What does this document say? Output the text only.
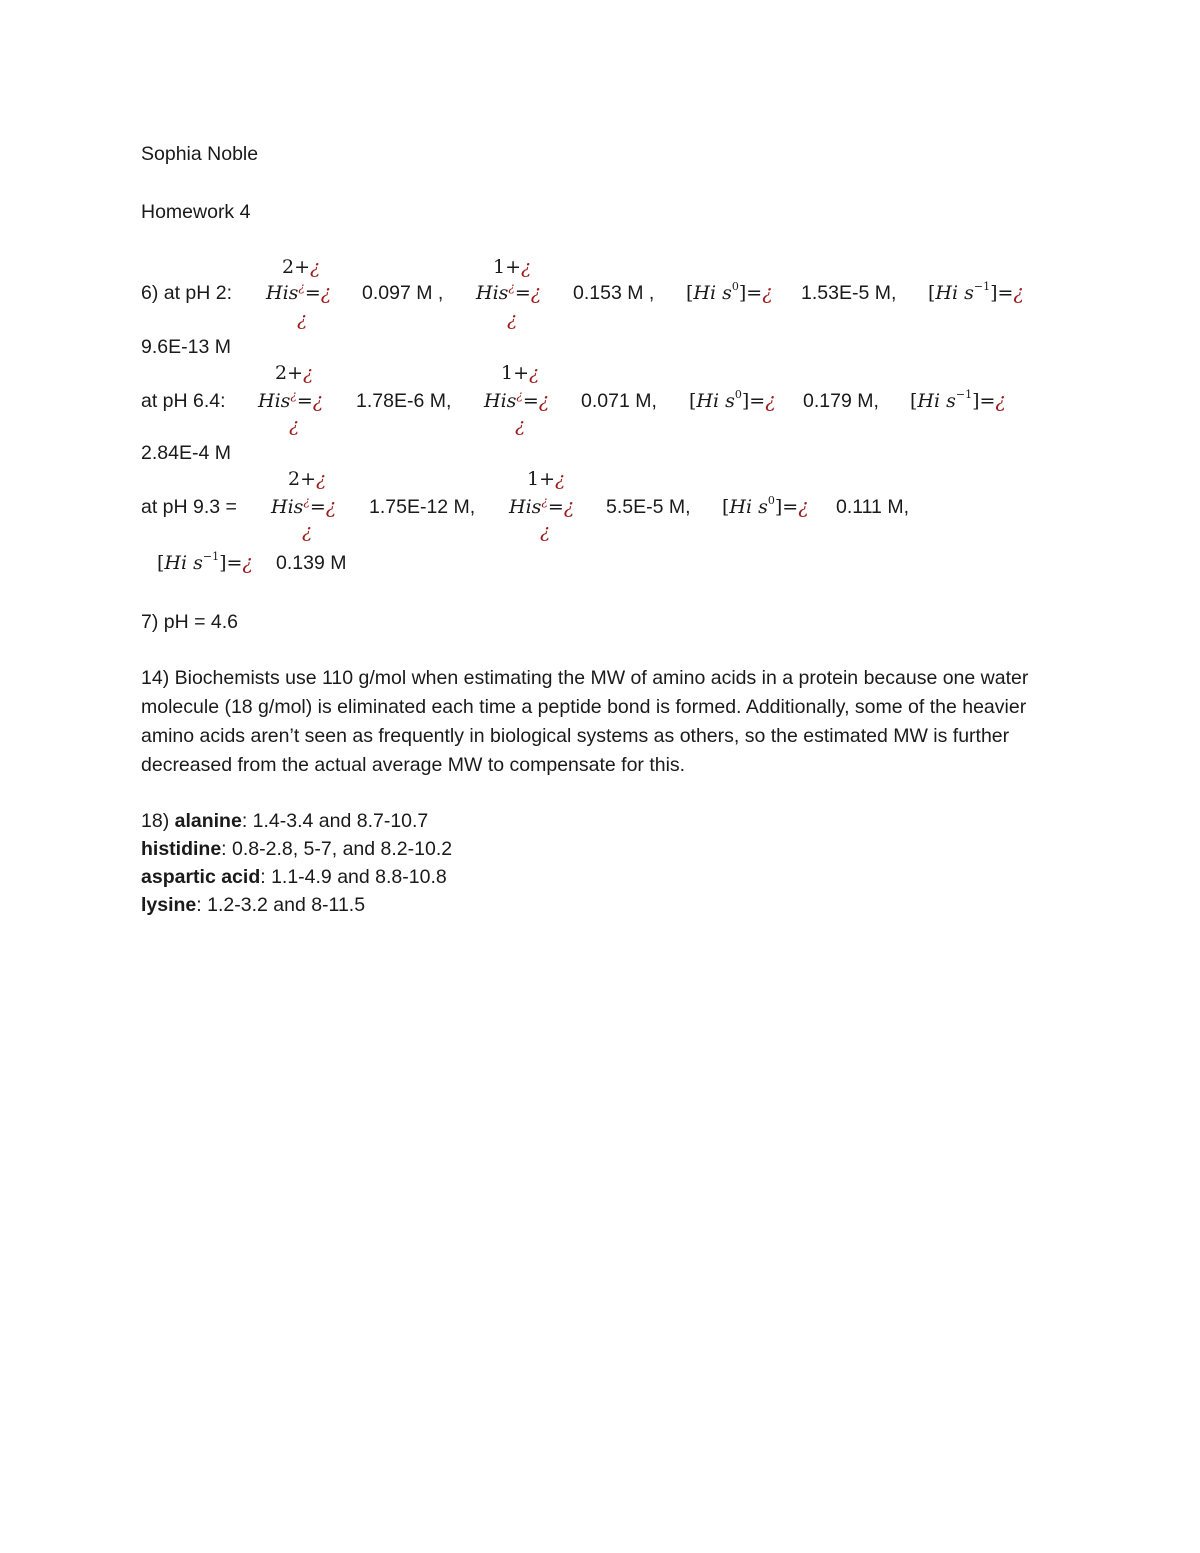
Sophia Noble
Homework 4
6) at pH 2:
2+¿
His¿=¿
¿
0.097 M ,
1+¿
His¿=¿
¿
0.153 M , [Hi $s^0]=¿$ 1.53E-5 M, [Hi $s^{-1}]=¿$
9.6E-13 M
at pH 6.4:
2+¿
His¿=¿
¿
1.78E-6 M,
1+¿
His¿=¿
¿
0.071 M, [Hi $s^0]=¿$ 0.179 M, [Hi $s^{-1}]=¿$
2.84E-4 M
at pH 9.3 =
2+¿
His¿=¿
¿
1.75E-12 M,
1+¿
His¿=¿
¿
5.5E-5 M, [Hi $s^0]=¿$ 0.111 M,
[Hi $s^{-1}]=¿$ 0.139 M
7) pH = 4.6
14) Biochemists use 110 g/mol when estimating the MW of amino acids in a protein because one water molecule (18 g/mol) is eliminated each time a peptide bond is formed. Additionally, some of the heavier amino acids aren’t seen as frequently in biological systems as others, so the estimated MW is further decreased from the actual average MW to compensate for this.
18) alanine: 1.4-3.4 and 8.7-10.7
histidine: 0.8-2.8, 5-7, and 8.2-10.2
aspartic acid: 1.1-4.9 and 8.8-10.8
lysine: 1.2-3.2 and 8-11.5
